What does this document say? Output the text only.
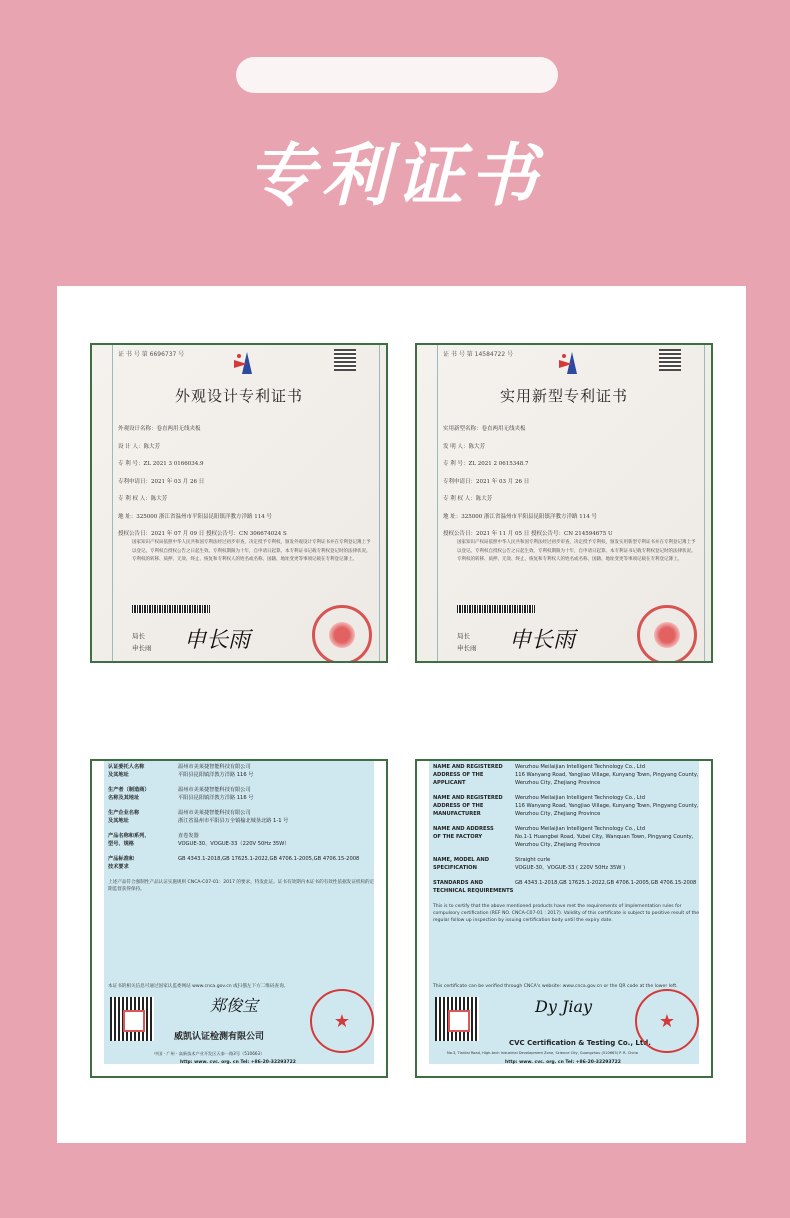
专利证书
证 书 号 第 6696737 号
外观设计专利证书
外观设计名称：卷直两用无线夹板
设 计 人：陈大芳
专 利 号：ZL 2021 3 0166034.9
专利申请日：2021 年 03 月 26 日
专 利 权 人：陈大芳
地 址：325000 浙江省温州市平阳县昆阳镇洋教方洋路 114 号
授权公告日：2021 年 07 月 09 日 授权公告号：CN 306674024 S
国家知识产权局依照中华人民共和国专利法经过初步审查，决定授予专利权，颁发外观设计专利证书并在专利登记簿上予以登记。专利权自授权公告之日起生效。专利权期限为十年，自申请日起算。本专利证书记载专利权登记时的法律状况。专利权的转移、质押、无效、终止、恢复和专利权人的姓名或名称、国籍、地址变更等事项记载在专利登记簿上。
局长
申长雨 申长雨
证 书 号 第 14584722 号
实用新型专利证书
实用新型名称：卷直两用无线夹板
发 明 人：陈大芳
专 利 号：ZL 2021 2 0615348.7
专利申请日：2021 年 03 月 26 日
专 利 权 人：陈大芳
地 址：325000 浙江省温州市平阳县昆阳镇洋教方洋路 114 号
授权公告日：2021 年 11 月 05 日 授权公告号：CN 214594675 U
国家知识产权局依照中华人民共和国专利法经过初步审查，决定授予专利权，颁发实用新型专利证书并在专利登记簿上予以登记。专利权自授权公告之日起生效。专利权期限为十年，自申请日起算。本专利证书记载专利权登记时的法律状况。专利权的转移、质押、无效、终止、恢复和专利权人的姓名或名称、国籍、地址变更等事项记载在专利登记簿上。
局长
申长雨 申长雨
认证委托人名称
及其地址
温州市美莱捷智能科技有限公司
平阳县昆阳镇洋教方洋路 116 号
生产者（制造商）
名称及其地址
温州市美莱捷智能科技有限公司
平阳县昆阳镇洋教方洋路 116 号
生产企业名称
及其地址
温州市美莱捷智能科技有限公司
浙江省温州市平阳县万全镇榆北城垦北路 1-1 号
产品名称和系列、
型号、规格
直卷发器
VOGUE-30、VOGUE-33（220V 50Hz 35W）
产品标准和
技术要求
GB 4343.1-2018,GB 17625.1-2022,GB 4706.1-2005,GB 4706.15-2008
上述产品符合强制性产品认证实施规则 CNCA-C07-01：2017 的要求，特发此证。证书有效期内本证书的有效性依据发证机构的定期监督获得保持。
本证书的相关信息可通过国家认监委网站 www.cnca.gov.cn 或扫描左下方二维码查询。
郑俊宝
威凯认证检测有限公司
中国 · 广州 · 高新技术产业开发区天泰一路3号（510663）
http: www. cvc. org. cn Tel: +86-20-32293722
★
NAME AND REGISTERED
ADDRESS OF THE APPLICANT
Wenzhou Meilaijian Intelligent Technology Co., Ltd
116 Wanyang Road, Yangjiao Village, Kunyang Town, Pingyang County, Wenzhou City, Zhejiang Province
NAME AND REGISTERED
ADDRESS OF THE
MANUFACTURER
Wenzhou Meilaijian Intelligent Technology Co., Ltd
116 Wanyang Road, Yangjiao Village, Kunyang Town, Pingyang County, Wenzhou City, Zhejiang Province
NAME AND ADDRESS
OF THE FACTORY
Wenzhou Meilaijian Intelligent Technology Co., Ltd
No.1-1 Huangbei Road, Yubei City, Wanquan Town, Pingyang County, Wenzhou City, Zhejiang Province
NAME, MODEL AND
SPECIFICATION
Straight curle
VOGUE-30、VOGUE-33 ( 220V 50Hz 35W )
STANDARDS AND
TECHNICAL REQUIREMENTS
GB 4343.1-2018,GB 17625.1-2022,GB 4706.1-2005,GB 4706.15-2008
This is to certify that the above mentioned products have met the requirements of implementation rules for compulsory certification (REF NO. CNCA-C07-01 : 2017). Validity of this certificate is subject to positive result of the regular follow up inspection by issuing certification body until the expiry date.
This certificate can be verified through CNCA's website: www.cnca.gov.cn or the QR code at the lower left.
Dy Jiay
CVC Certification & Testing Co., Ltd.
No.3, Tiantai Road, High-tech Industrial Development Zone, Science City, Guangzhou (510663) P. R. China
http: www. cvc. org. cn Tel: +86-20-32293722
★
